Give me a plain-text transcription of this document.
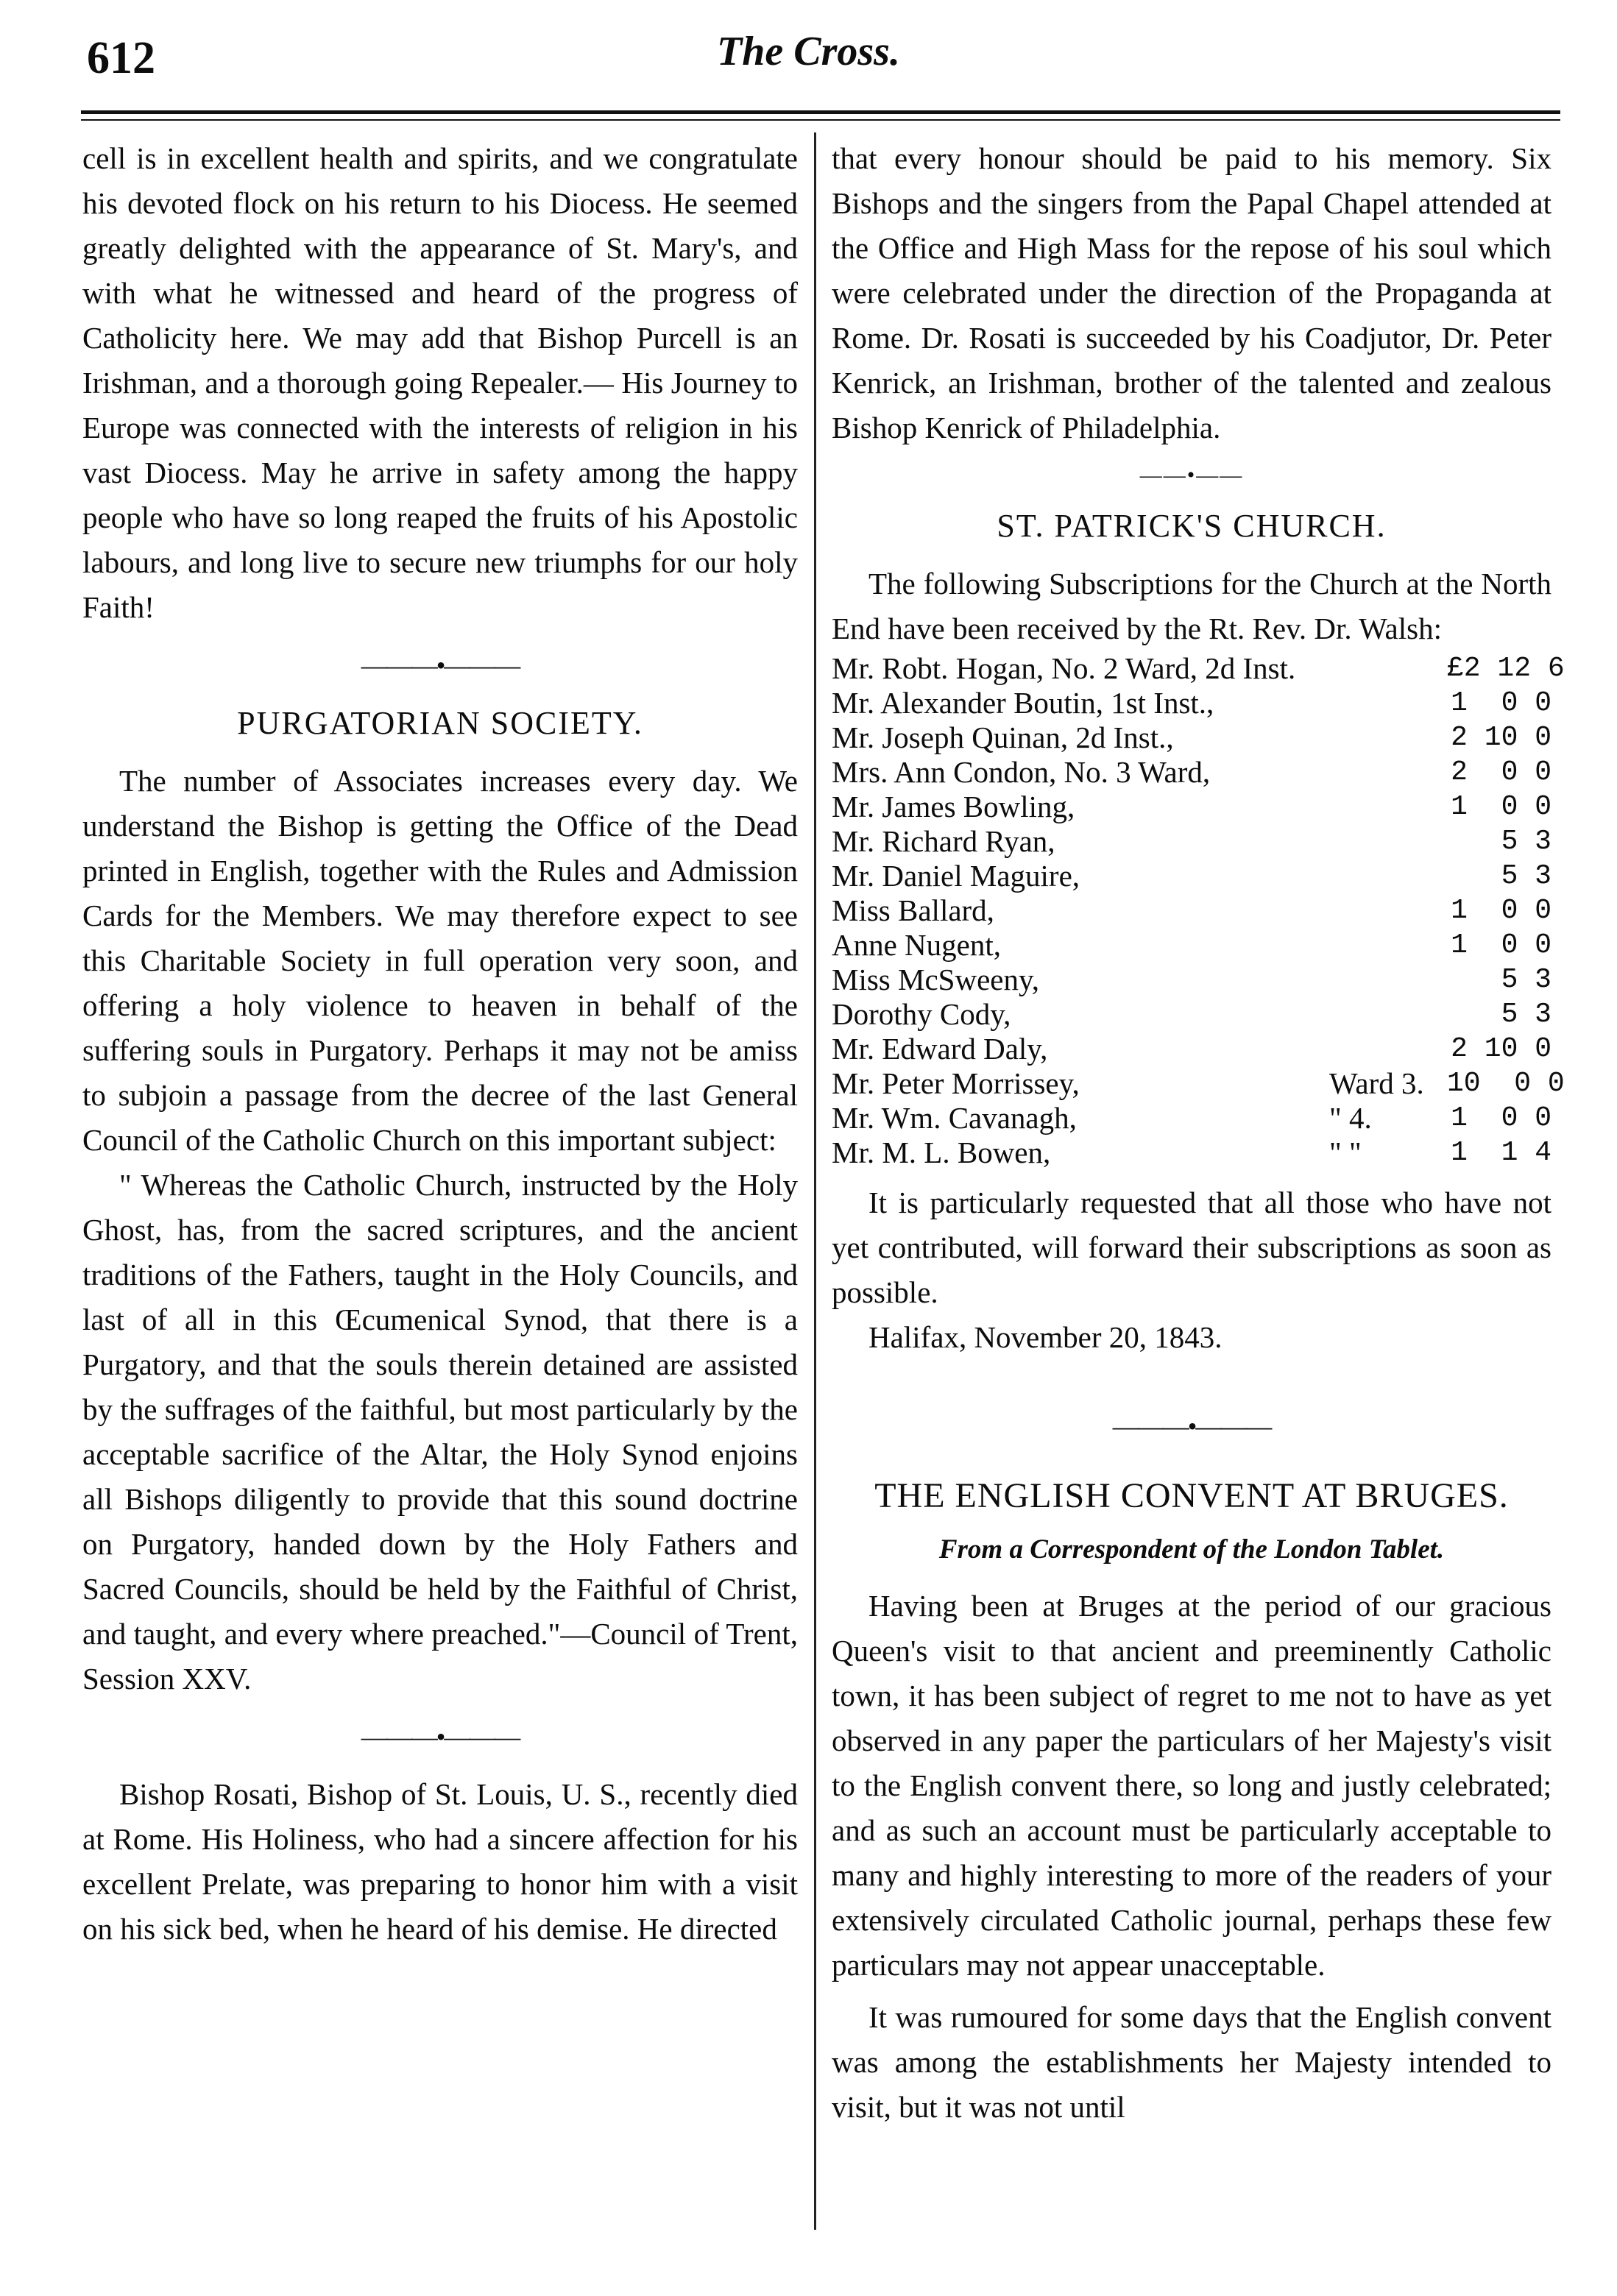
612	The Cross.

cell is in excellent health and spirits, and we congratulate his devoted flock on his return to his Diocess. He seemed greatly delighted with the appearance of St. Mary's, and with what he witnessed and heard of the progress of Catholicity here. We may add that Bishop Purcell is an Irishman, and a thorough going Repealer.— His Journey to Europe was connected with the interests of religion in his vast Diocess. May he arrive in safety among the happy people who have so long reaped the fruits of his Apostolic labours, and long live to secure new triumphs for our holy Faith!

———•———
PURGATORIAN SOCIETY.

The number of Associates increases every day. We understand the Bishop is getting the Office of the Dead printed in English, together with the Rules and Admission Cards for the Members. We may therefore expect to see this Charitable Society in full operation very soon, and offering a holy violence to heaven in behalf of the suffering souls in Purgatory. Perhaps it may not be amiss to subjoin a passage from the decree of the last General Council of the Catholic Church on this important subject:

" Whereas the Catholic Church, instructed by the Holy Ghost, has, from the sacred scriptures, and the ancient traditions of the Fathers, taught in the Holy Councils, and last of all in this Œcumenical Synod, that there is a Purgatory, and that the souls therein detained are assisted by the suffrages of the faithful, but most particularly by the acceptable sacrifice of the Altar, the Holy Synod enjoins all Bishops diligently to provide that this sound doctrine on Purgatory, handed down by the Holy Fathers and Sacred Councils, should be held by the Faithful of Christ, and taught, and every where preached."—Council of Trent, Session XXV.

———•———

Bishop Rosati, Bishop of St. Louis, U. S., recently died at Rome. His Holiness, who had a sincere affection for his excellent Prelate, was preparing to honor him with a visit on his sick bed, when he heard of his demise. He directed

that every honour should be paid to his memory. Six Bishops and the singers from the Papal Chapel attended at the Office and High Mass for the repose of his soul which were celebrated under the direction of the Propaganda at Rome. Dr. Rosati is succeeded by his Coadjutor, Dr. Peter Kenrick, an Irishman, brother of the talented and zealous Bishop Kenrick of Philadelphia.

——•——
ST. PATRICK'S CHURCH.

The following Subscriptions for the Church at the North End have been received by the Rt. Rev. Dr. Walsh:

Mr. Robt. Hogan, No. 2 Ward, 2d Inst.	£2 12 6
Mr. Alexander Boutin, 1st Inst.,	1  0 0
Mr. Joseph Quinan, 2d Inst.,	2 10 0
Mrs. Ann Condon, No. 3 Ward,	2  0 0
Mr. James Bowling,	1  0 0
Mr. Richard Ryan,	5 3
Mr. Daniel Maguire,	5 3
Miss Ballard,	1  0 0
Anne Nugent,	1  0 0
Miss McSweeny,	5 3
Dorothy Cody,	5 3
Mr. Edward Daly,	2 10 0
Mr. Peter Morrissey,	Ward 3. 10  0 0
Mr. Wm. Cavanagh,	" 4.	1  0 0
Mr. M. L. Bowen,	" "	1  1 4

It is particularly requested that all those who have not yet contributed, will forward their subscriptions as soon as possible.

Halifax, November 20, 1843.

———•———
THE ENGLISH CONVENT AT BRUGES.
From a Correspondent of the London Tablet.

Having been at Bruges at the period of our gracious Queen's visit to that ancient and preeminently Catholic town, it has been subject of regret to me not to have as yet observed in any paper the particulars of her Majesty's visit to the English convent there, so long and justly celebrated; and as such an account must be particularly acceptable to many and highly interesting to more of the readers of your extensively circulated Catholic journal, perhaps these few particulars may not appear unacceptable.

It was rumoured for some days that the English convent was among the establishments her Majesty intended to visit, but it was not until
